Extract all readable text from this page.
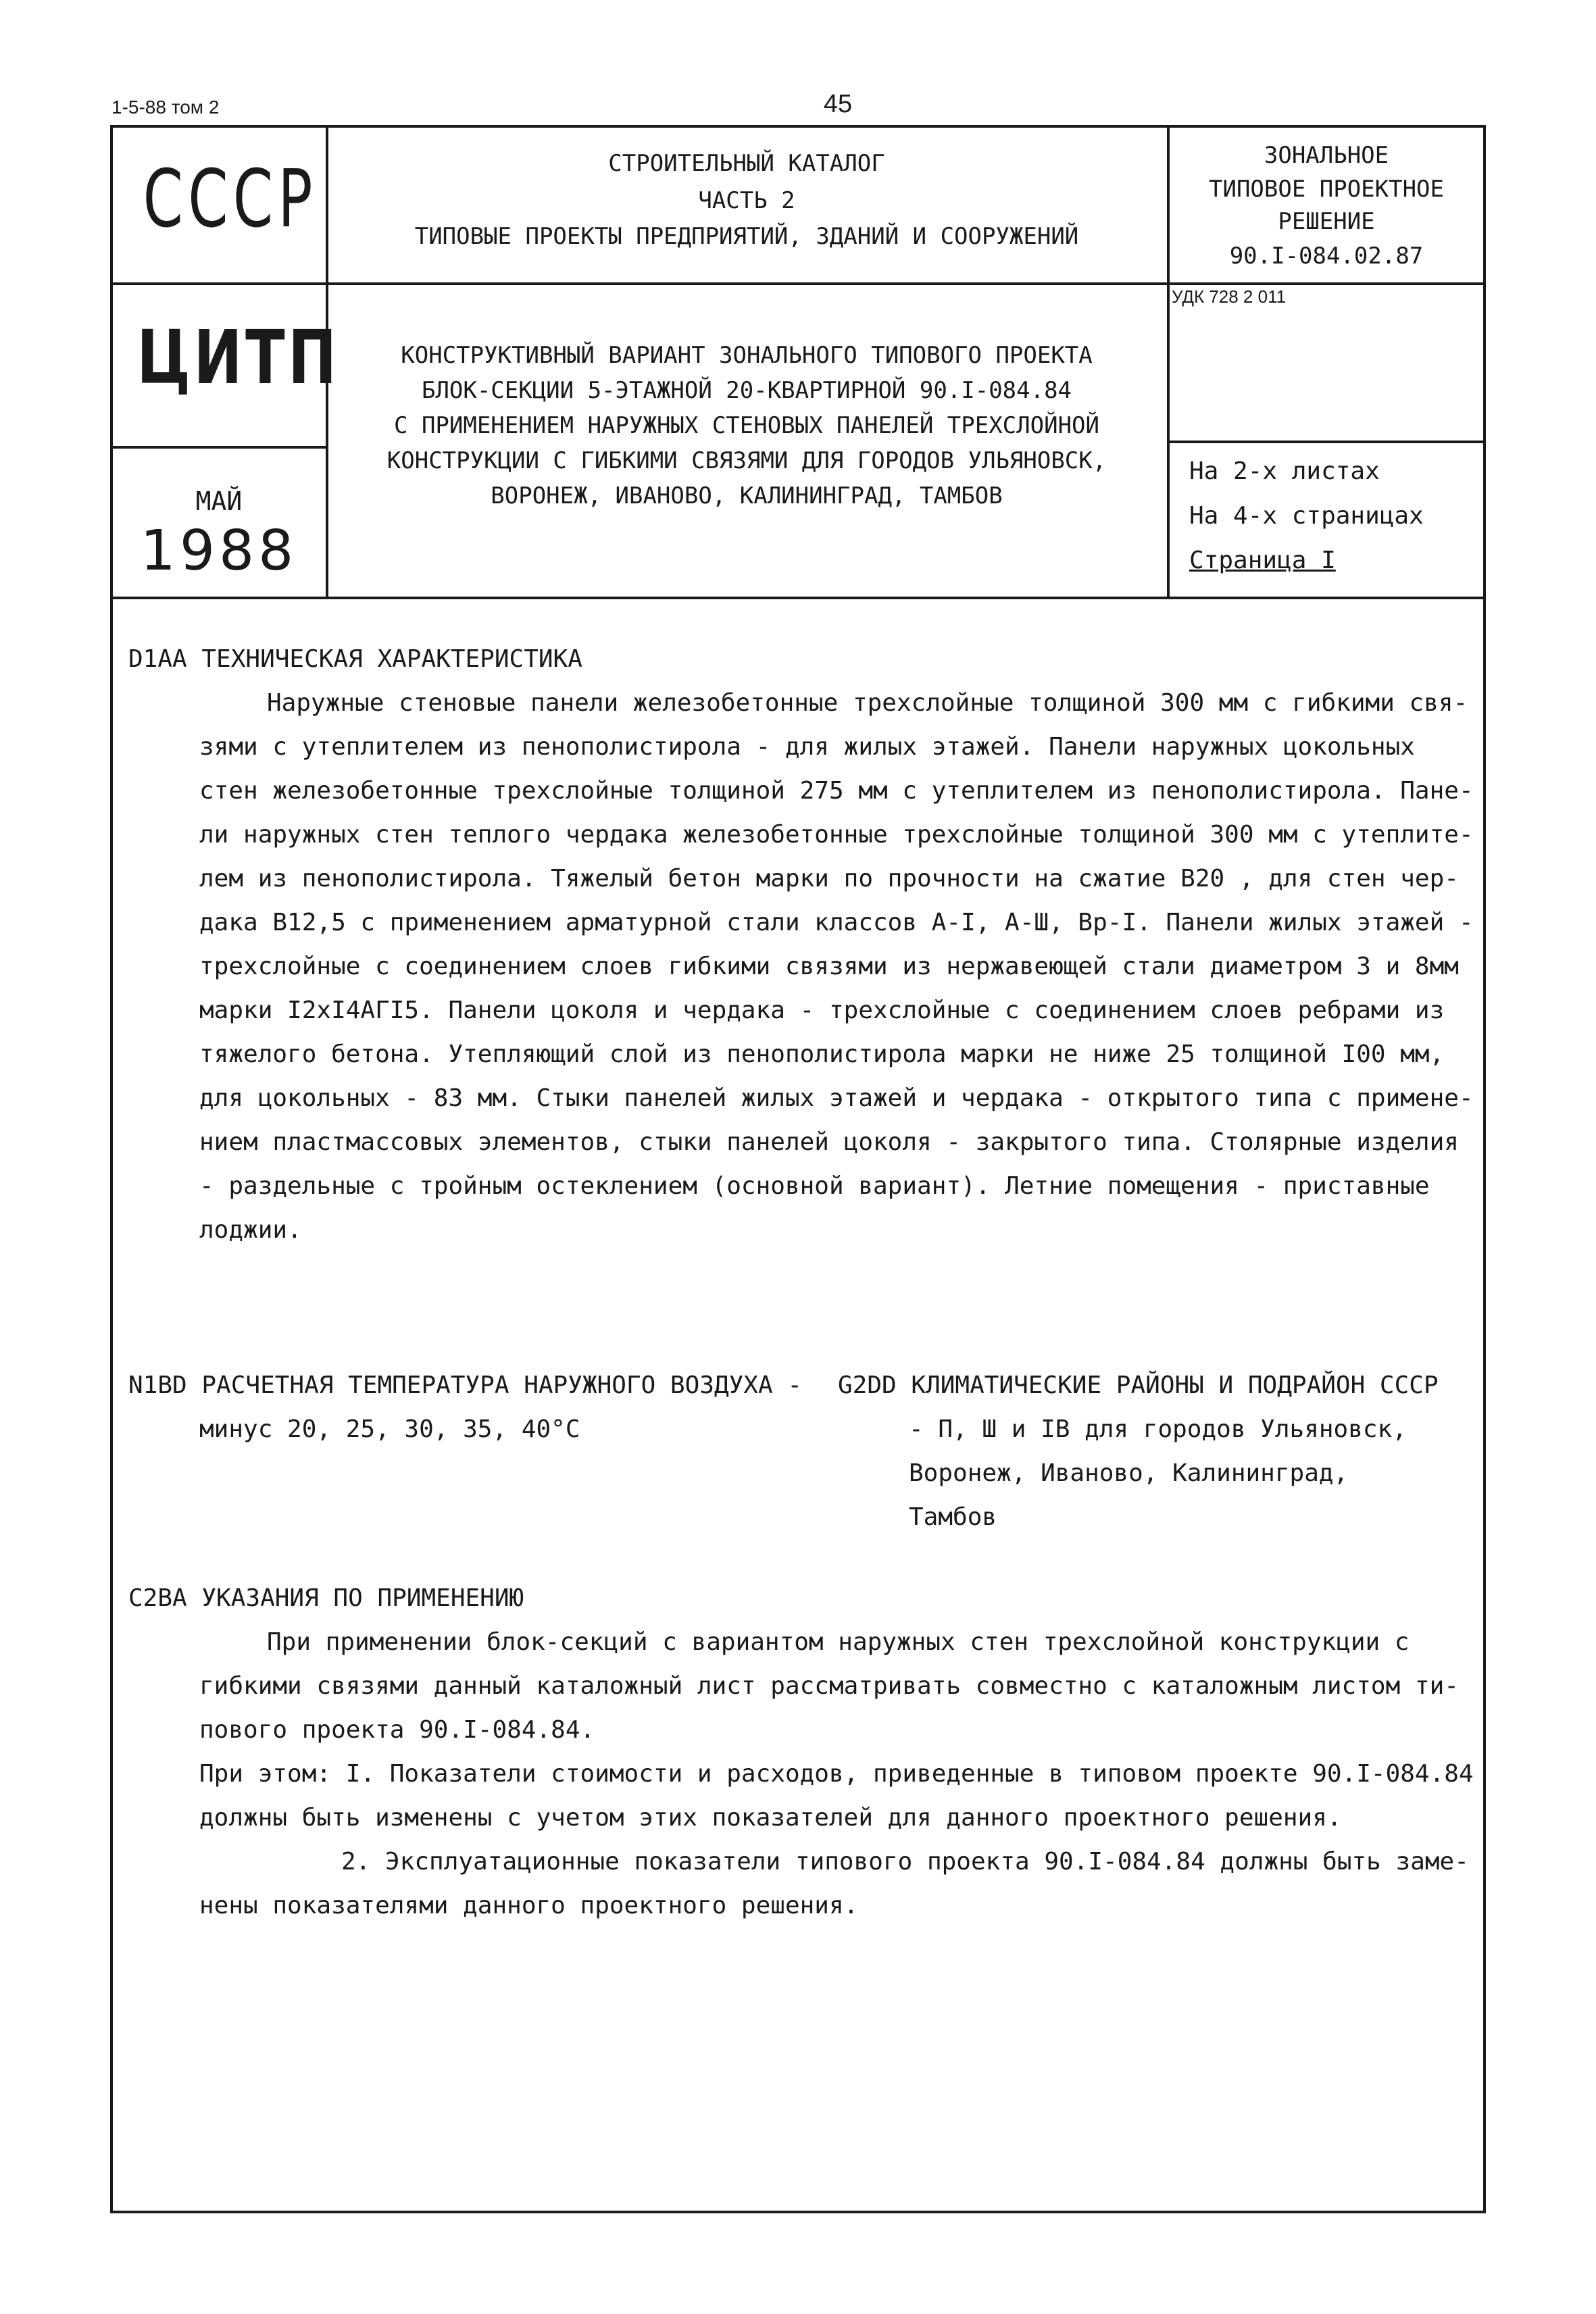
1-5-88 том 2	45
СССР
ЦИТП
МАЙ
1988
СТРОИТЕЛЬНЫЙ КАТАЛОГ
ЧАСТЬ 2
ТИПОВЫЕ ПРОЕКТЫ ПРЕДПРИЯТИЙ, ЗДАНИЙ И СООРУЖЕНИЙ
ЗОНАЛЬНОЕ
ТИПОВОЕ ПРОЕКТНОЕ
РЕШЕНИЕ
90.I-084.02.87
УДК 728 2 011
КОНСТРУКТИВНЫЙ ВАРИАНТ ЗОНАЛЬНОГО ТИПОВОГО ПРОЕКТА
БЛОК-СЕКЦИИ 5-ЭТАЖНОЙ 20-КВАРТИРНОЙ 90.I-084.84
С ПРИМЕНЕНИЕМ НАРУЖНЫХ СТЕНОВЫХ ПАНЕЛЕЙ ТРЕХСЛОЙНОЙ
КОНСТРУКЦИИ С ГИБКИМИ СВЯЗЯМИ ДЛЯ ГОРОДОВ УЛЬЯНОВСК,
ВОРОНЕЖ, ИВАНОВО, КАЛИНИНГРАД, ТАМБОВ
На 2-х листах
На 4-х страницах
Страница I
D1AA ТЕХНИЧЕСКАЯ ХАРАКТЕРИСТИКА
Наружные стеновые панели железобетонные трехслойные толщиной 300 мм с гибкими свя-
зями с утеплителем из пенополистирола - для жилых этажей. Панели наружных цокольных
стен железобетонные трехслойные толщиной 275 мм с утеплителем из пенополистирола. Пане-
ли наружных стен теплого чердака железобетонные трехслойные толщиной 300 мм с утеплите-
лем из пенополистирола. Тяжелый бетон марки по прочности на сжатие В20 , для стен чер-
дака В12,5 с применением арматурной стали классов А-I, А-Ш, Вр-I. Панели жилых этажей -
трехслойные с соединением слоев гибкими связями из нержавеющей стали диаметром 3 и 8мм
марки I2хI4АГI5. Панели цоколя и чердака - трехслойные с соединением слоев ребрами из
тяжелого бетона. Утепляющий слой из пенополистирола марки не ниже 25 толщиной I00 мм,
для цокольных - 83 мм. Стыки панелей жилых этажей и чердака - открытого типа с примене-
нием пластмассовых элементов, стыки панелей цоколя - закрытого типа. Столярные изделия
- раздельные с тройным остеклением (основной вариант). Летние помещения - приставные
лоджии.
N1BD РАСЧЕТНАЯ ТЕМПЕРАТУРА НАРУЖНОГО ВОЗДУХА -
минус 20, 25, 30, 35, 40°С
G2DD КЛИМАТИЧЕСКИЕ РАЙОНЫ И ПОДРАЙОН СССР
- П, Ш и IВ для городов Ульяновск,
Воронеж, Иваново, Калининград,
Тамбов
C2BA УКАЗАНИЯ ПО ПРИМЕНЕНИЮ
При применении блок-секций с вариантом наружных стен трехслойной конструкции с
гибкими связями данный каталожный лист рассматривать совместно с каталожным листом ти-
пового проекта 90.I-084.84.
При этом: I. Показатели стоимости и расходов, приведенные в типовом проекте 90.I-084.84
должны быть изменены с учетом этих показателей для данного проектного решения.
2. Эксплуатационные показатели типового проекта 90.I-084.84 должны быть заме-
нены показателями данного проектного решения.
